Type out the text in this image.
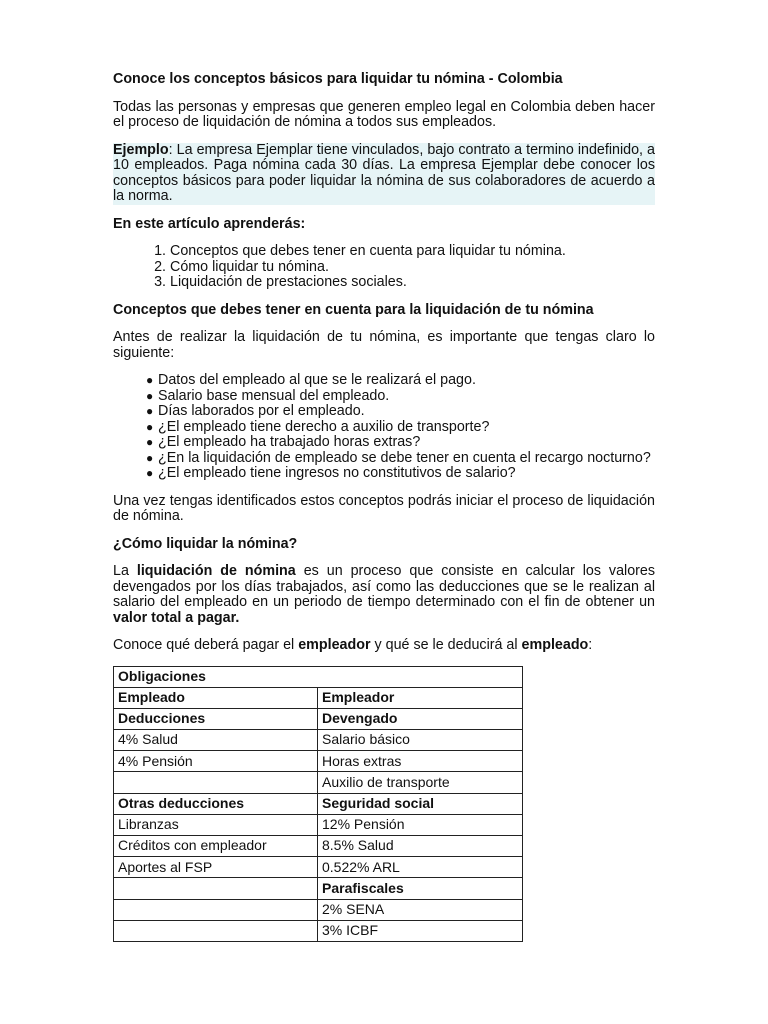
Conoce los conceptos básicos para liquidar tu nómina - Colombia

Todas las personas y empresas que generen empleo legal en Colombia deben hacer el proceso de liquidación de nómina a todos sus empleados.

Ejemplo: La empresa Ejemplar tiene vinculados, bajo contrato a termino indefinido, a 10 empleados. Paga nómina cada 30 días. La empresa Ejemplar debe conocer los conceptos básicos para poder liquidar la nómina de sus colaboradores de acuerdo a la norma.
En este artículo aprenderás:
1. Conceptos que debes tener en cuenta para liquidar tu nómina.
2. Cómo liquidar tu nómina.
3. Liquidación de prestaciones sociales.
Conceptos que debes tener en cuenta para la liquidación de tu nómina

Antes de realizar la liquidación de tu nómina, es importante que tengas claro lo siguiente:

● Datos del empleado al que se le realizará el pago.
● Salario base mensual del empleado.
● Días laborados por el empleado.
● ¿El empleado tiene derecho a auxilio de transporte?
● ¿El empleado ha trabajado horas extras?
● ¿En la liquidación de empleado se debe tener en cuenta el recargo nocturno?
● ¿El empleado tiene ingresos no constitutivos de salario?

Una vez tengas identificados estos conceptos podrás iniciar el proceso de liquidación de nómina.

¿Cómo liquidar la nómina?

La liquidación de nómina es un proceso que consiste en calcular los valores devengados por los días trabajados, así como las deducciones que se le realizan al salario del empleado en un periodo de tiempo determinado con el fin de obtener un valor total a pagar.

Conoce qué deberá pagar el empleador y qué se le deducirá al empleado:

Obligaciones	
Empleado	Empleador
Deducciones	Devengado
4% Salud	Salario básico
4% Pensión	Horas extras
	Auxilio de transporte
Otras deducciones	Seguridad social
Libranzas	12% Pensión
Créditos con empleador	8.5% Salud
Aportes al FSP	0.522% ARL
	Parafiscales
	2% SENA
	3% ICBF
